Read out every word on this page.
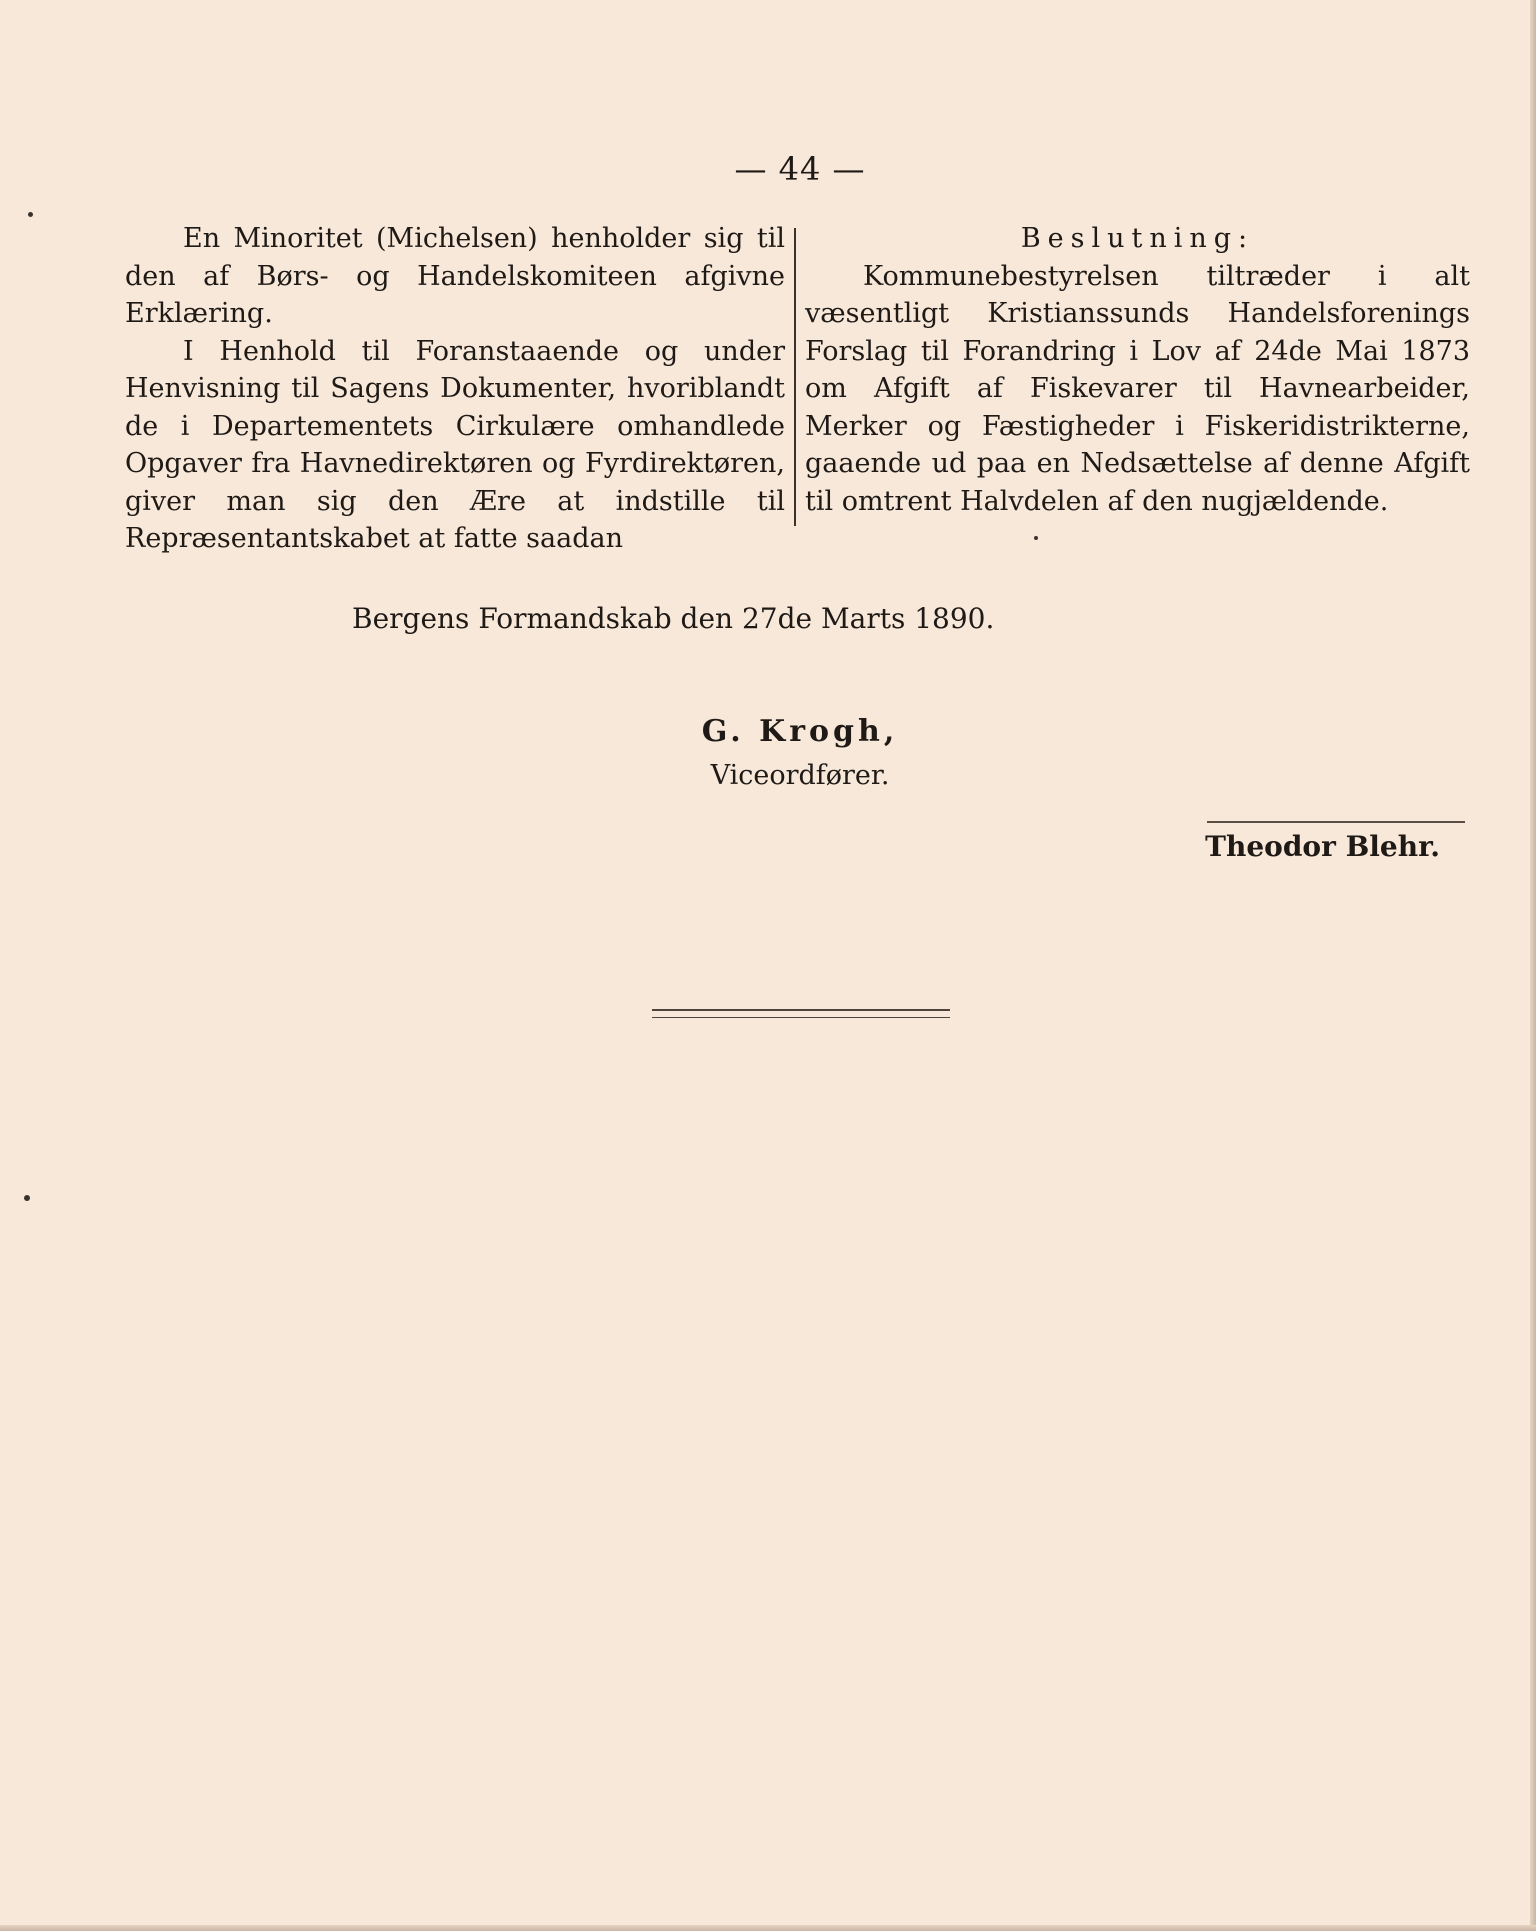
— 44 —

En Minoritet (Michelsen) henholder sig til den af Børs- og Handelskomiteen afgivne Erklæring.

I Henhold til Foranstaaende og under Henvisning til Sagens Dokumenter, hvoriblandt de i Departementets Cirkulære omhandlede Opgaver fra Havnedirektøren og Fyrdirektøren, giver man sig den Ære at indstille til Repræsentantskabet at fatte saadan

Beslutning:

Kommunebestyrelsen tiltræder i alt væsentligt Kristianssunds Handelsforenings Forslag til Forandring i Lov af 24de Mai 1873 om Afgift af Fiskevarer til Havnearbeider, Merker og Fæstigheder i Fiskeridistrikterne, gaaende ud paa en Nedsættelse af denne Afgift til omtrent Halvdelen af den nugjældende.

Bergens Formandskab den 27de Marts 1890.
G. Krogh,
Viceordfører.
Theodor Blehr.
